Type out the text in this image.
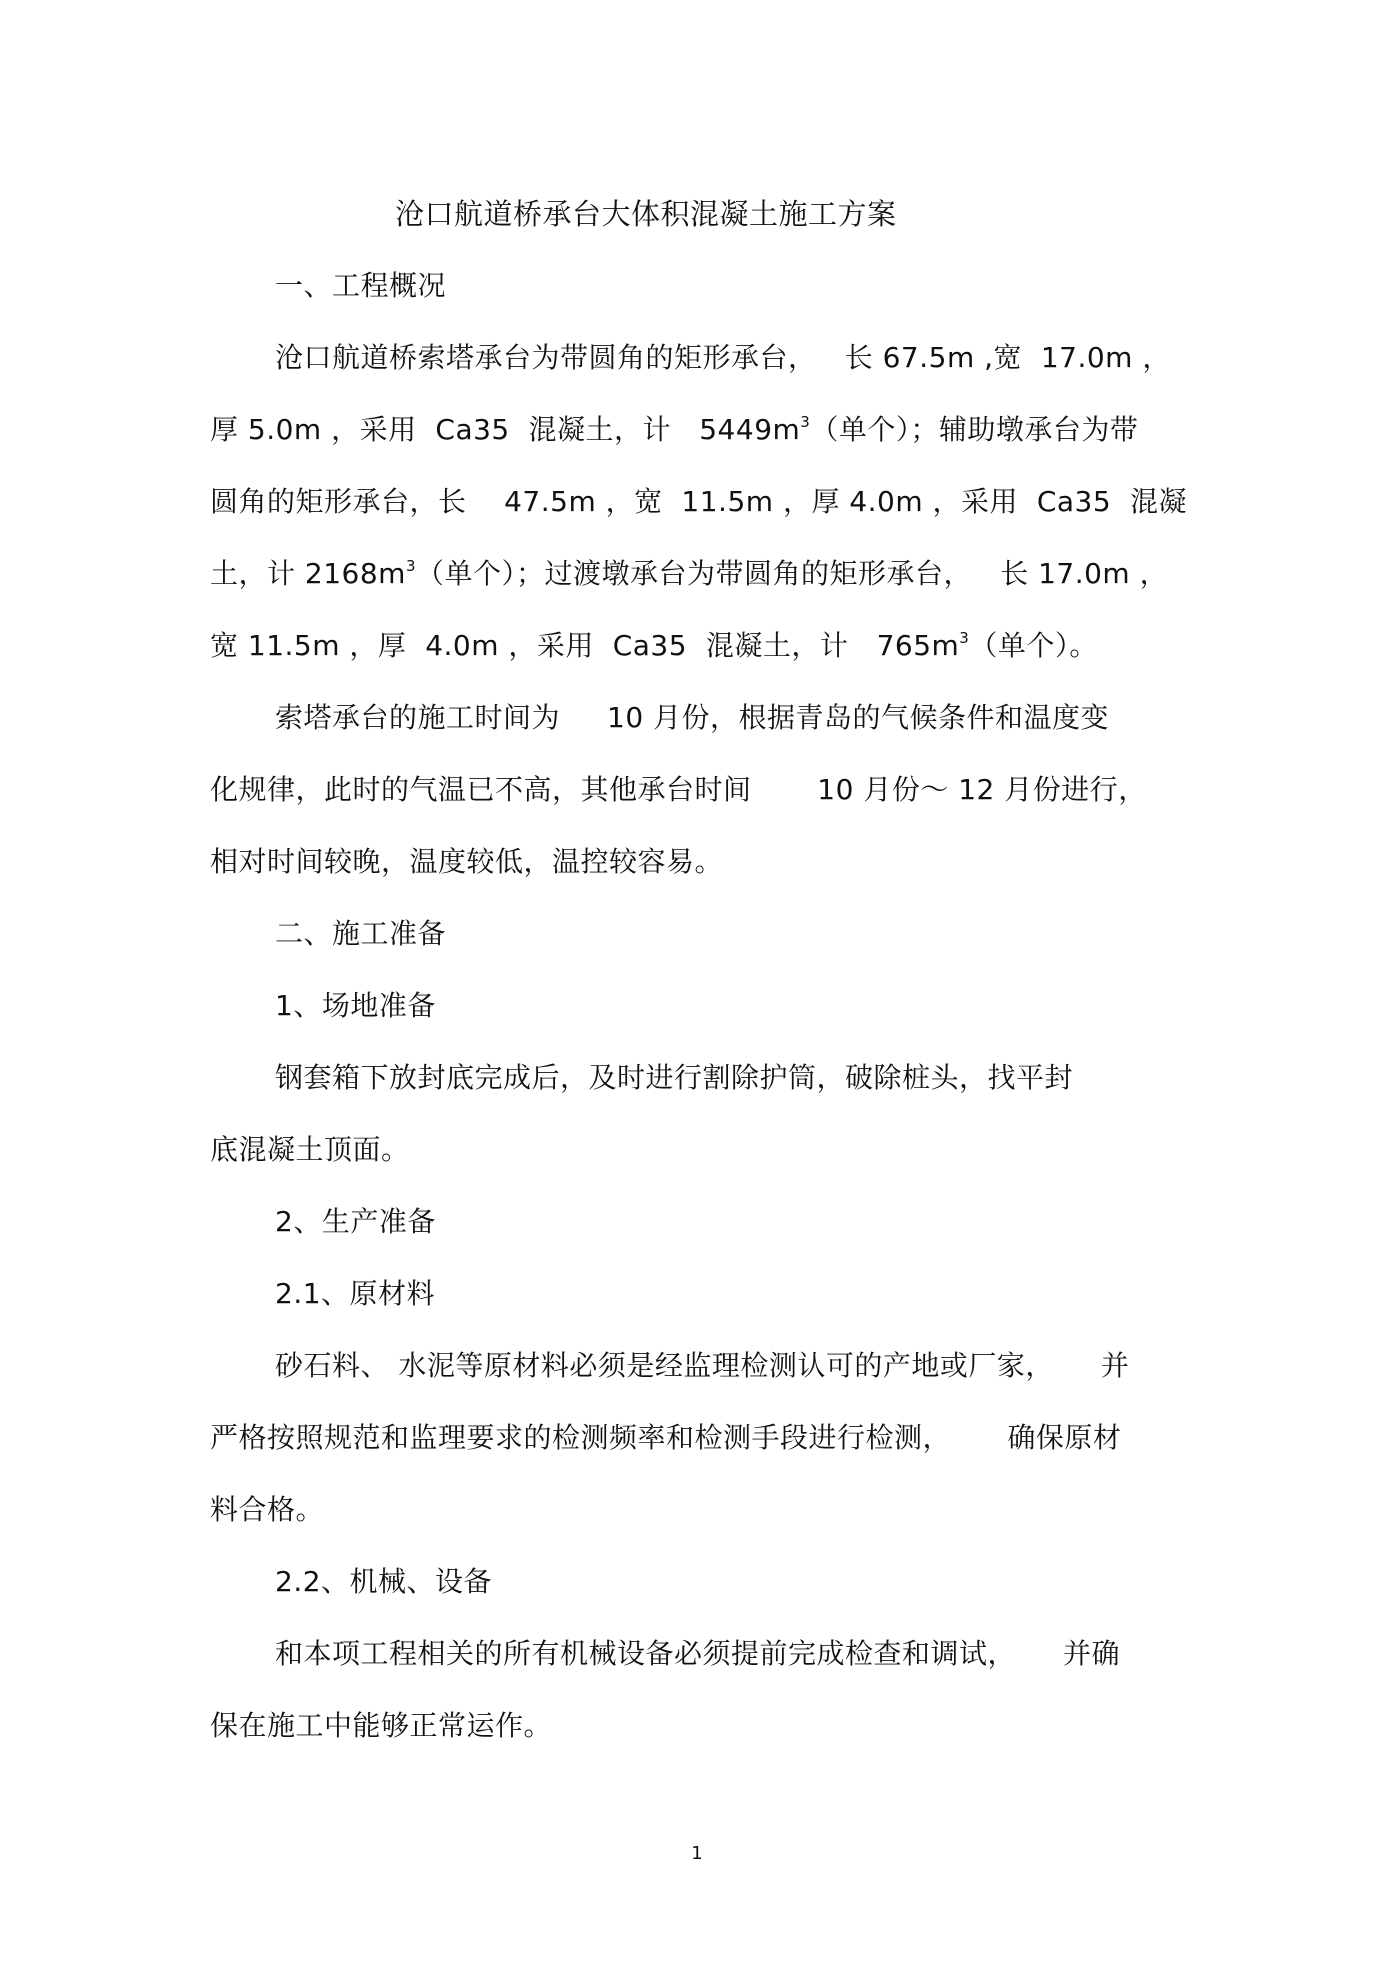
沧口航道桥承台大体积混凝土施工方案
一、工程概况
沧口航道桥索塔承台为带圆角的矩形承台，   长 67.5m ,宽  17.0m ，
厚 5.0m ，采用  Ca35  混凝土，计   $5449m^3$（单个）；辅助墩承台为带
圆角的矩形承台，长    47.5m ，宽  11.5m ，厚 4.0m ，采用  Ca35  混凝
土，计 $2168m^3$（单个）；过渡墩承台为带圆角的矩形承台，   长 17.0m ，
宽 11.5m ，厚  4.0m ，采用  Ca35  混凝土，计   $765m^3$（单个）。
索塔承台的施工时间为     10 月份，根据青岛的气候条件和温度变
化规律，此时的气温已不高，其他承台时间       10 月份～ 12 月份进行，
相对时间较晚，温度较低，温控较容易。
二、施工准备
1、场地准备
钢套箱下放封底完成后，及时进行割除护筒，破除桩头，找平封
底混凝土顶面。
2、生产准备
2.1、原材料
砂石料、 水泥等原材料必须是经监理检测认可的产地或厂家，     并
严格按照规范和监理要求的检测频率和检测手段进行检测，      确保原材
料合格。
2.2、机械、设备
和本项工程相关的所有机械设备必须提前完成检查和调试，     并确
保在施工中能够正常运作。
1
